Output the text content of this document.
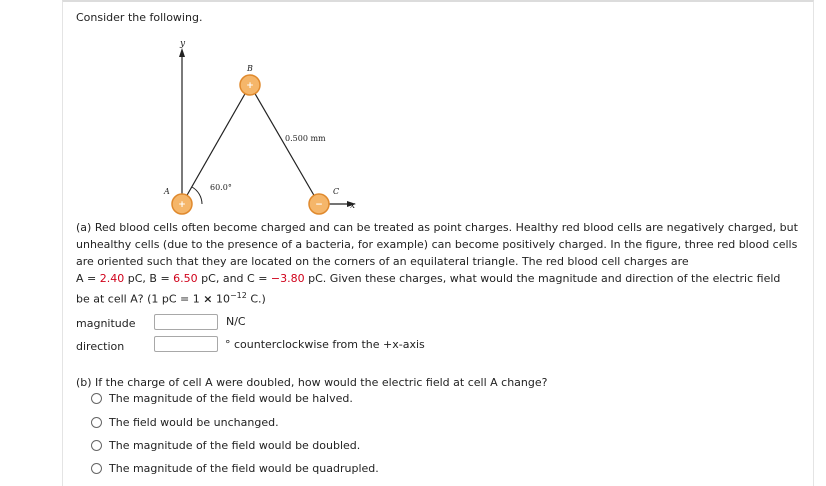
Consider the following.
y
x
60.0°
0.500 mm
+
B
+
A
−
C
(a) Red blood cells often become charged and can be treated as point charges. Healthy red blood cells are negatively charged, but
unhealthy cells (due to the presence of a bacteria, for example) can become positively charged. In the figure, three red blood cells
are oriented such that they are located on the corners of an equilateral triangle. The red blood cell charges are
A = 2.40 pC, B = 6.50 pC, and C = −3.80 pC. Given these charges, what would the magnitude and direction of the electric field
be at cell A? (1 pC = $1 \times 10^{-12}$ C.)
magnitude	N/C
direction	° counterclockwise from the +x-axis
(b) If the charge of cell A were doubled, how would the electric field at cell A change?
The magnitude of the field would be halved.
The field would be unchanged.
The magnitude of the field would be doubled.
The magnitude of the field would be quadrupled.
